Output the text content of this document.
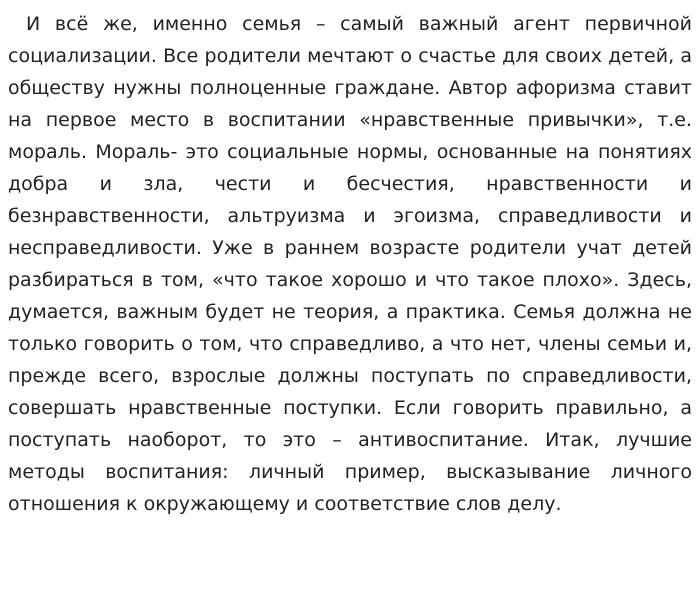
И всё же, именно семья – самый важный агент первичной социализации. Все родители мечтают о счастье для своих детей, а обществу нужны полноценные граждане. Автор афоризма ставит на первое место в воспитании «нравственные привычки», т.е. мораль. Мораль- это социальные нормы, основанные на понятиях добра и зла, чести и бесчестия, нравственности и безнравственности, альтруизма и эгоизма, справедливости и несправедливости. Уже в раннем возрасте родители учат детей разбираться в том, «что такое хорошо и что такое плохо». Здесь, думается, важным будет не теория, а практика. Семья должна не только говорить о том, что справедливо, а что нет, члены семьи и, прежде всего, взрослые должны поступать по справедливости, совершать нравственные поступки. Если говорить правильно, а поступать наоборот, то это – антивоспитание. Итак, лучшие методы воспитания: личный пример, высказывание личного отношения к окружающему и соответствие слов делу.
